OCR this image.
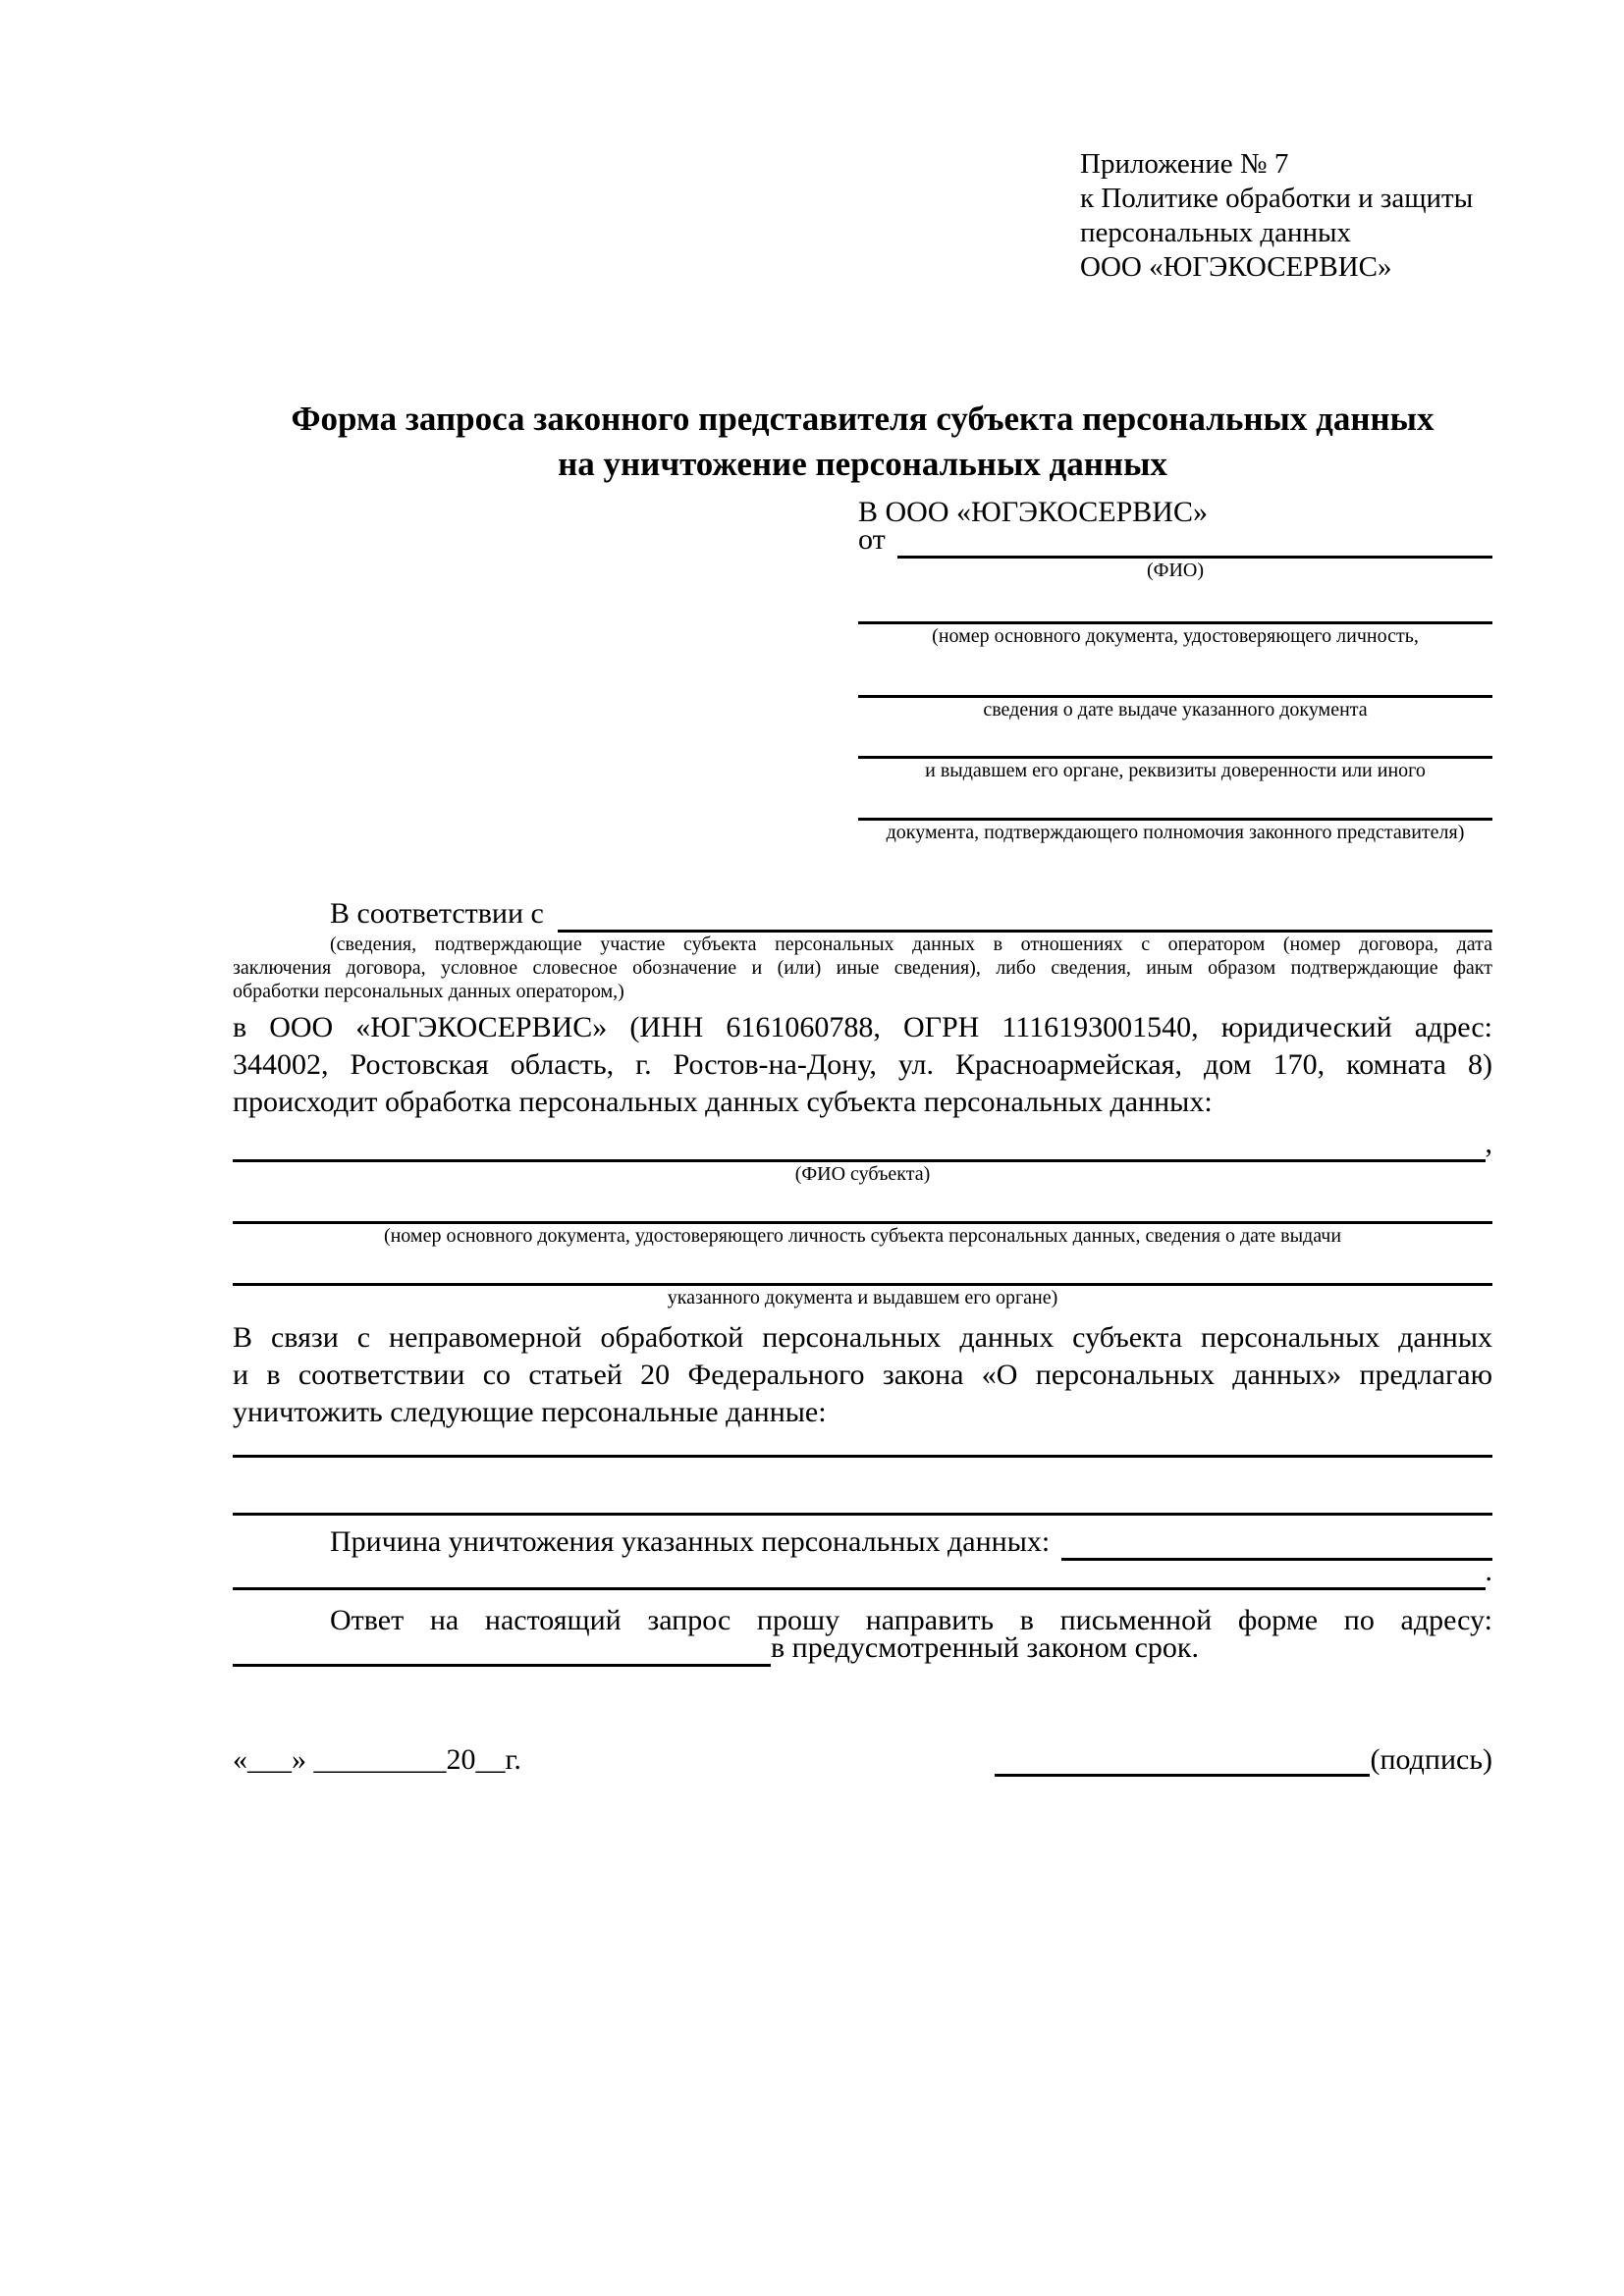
Приложение № 7
к Политике обработки и защиты
персональных данных
ООО «ЮГЭКОСЕРВИС»
Форма запроса законного представителя субъекта персональных данных
на уничтожение персональных данных
В ООО «ЮГЭКОСЕРВИС»
от
(ФИО)
(номер основного документа, удостоверяющего личность,
сведения о дате выдаче указанного документа
и выдавшем его органе, реквизиты доверенности или иного
документа, подтверждающего полномочия законного представителя)
В соответствии с
(сведения, подтверждающие участие субъекта персональных данных в отношениях с оператором (номер договора, дата
заключения договора, условное словесное обозначение и (или) иные сведения), либо сведения, иным образом подтверждающие факт
обработки персональных данных оператором,)
в ООО «ЮГЭКОСЕРВИС» (ИНН 6161060788, ОГРН 1116193001540, юридический адрес:
344002, Ростовская область, г. Ростов-на-Дону, ул. Красноармейская, дом 170, комната 8)
происходит обработка персональных данных субъекта персональных данных:
,
(ФИО субъекта)
(номер основного документа, удостоверяющего личность субъекта персональных данных, сведения о дате выдачи
указанного документа и выдавшем его органе)
В связи с неправомерной обработкой персональных данных субъекта персональных данных
и в соответствии со статьей 20 Федерального закона «О персональных данных» предлагаю
уничтожить следующие персональные данные:
Причина уничтожения указанных персональных данных:
.
Ответ на настоящий запрос прошу направить в письменной форме по адресу:
в предусмотренный законом срок.
«___» _________20__г.	(подпись)
